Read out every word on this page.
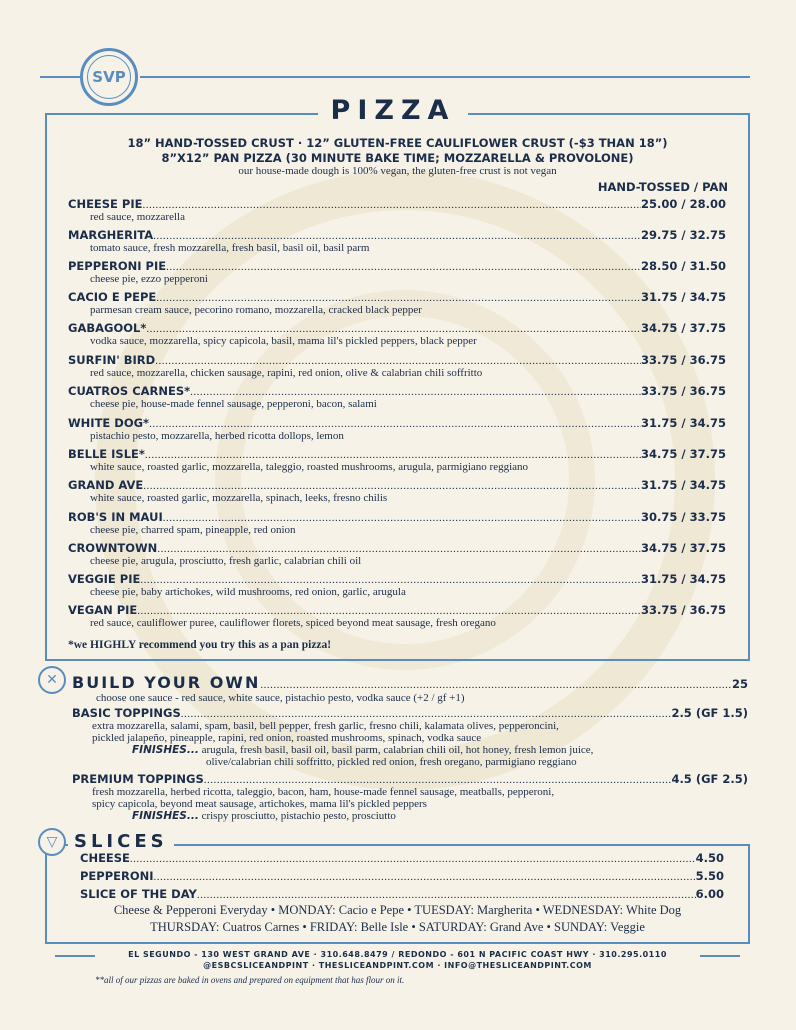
SVP
PIZZA
18” HAND-TOSSED CRUST · 12” GLUTEN-FREE CAULIFLOWER CRUST (-$3 THAN 18”)
8”X12” PAN PIZZA (30 MINUTE BAKE TIME; MOZZARELLA & PROVOLONE)
our house-made dough is 100% vegan, the gluten-free crust is not vegan
HAND-TOSSED / PAN
CHEESE PIE .....	25.00 / 28.00
red sauce, mozzarella
MARGHERITA .....	29.75 / 32.75
tomato sauce, fresh mozzarella, fresh basil, basil oil, basil parm
PEPPERONI PIE .....	28.50 / 31.50
cheese pie, ezzo pepperoni
CACIO E PEPE .....	31.75 / 34.75
parmesan cream sauce, pecorino romano, mozzarella, cracked black pepper
GABAGOOL* .....	34.75 / 37.75
vodka sauce, mozzarella, spicy capicola, basil, mama lil's pickled peppers, black pepper
SURFIN' BIRD .....	33.75 / 36.75
red sauce, mozzarella, chicken sausage, rapini, red onion, olive & calabrian chili soffritto
CUATROS CARNES* .....	33.75 / 36.75
cheese pie, house-made fennel sausage, pepperoni, bacon, salami
WHITE DOG* .....	31.75 / 34.75
pistachio pesto, mozzarella, herbed ricotta dollops, lemon
BELLE ISLE* .....	34.75 / 37.75
white sauce, roasted garlic, mozzarella, taleggio, roasted mushrooms, arugula, parmigiano reggiano
GRAND AVE .....	31.75 / 34.75
white sauce, roasted garlic, mozzarella, spinach, leeks, fresno chilis
ROB'S IN MAUI .....	30.75 / 33.75
cheese pie, charred spam, pineapple, red onion
CROWNTOWN .....	34.75 / 37.75
cheese pie, arugula, prosciutto, fresh garlic, calabrian chili oil
VEGGIE PIE .....	31.75 / 34.75
cheese pie, baby artichokes, wild mushrooms, red onion, garlic, arugula
VEGAN PIE .....	33.75 / 36.75
red sauce, cauliflower puree, cauliflower florets, spiced beyond meat sausage, fresh oregano
*we HIGHLY recommend you try this as a pan pizza!
✕ BUILD YOUR OWN .....	25
choose one sauce - red sauce, white sauce, pistachio pesto, vodka sauce (+2 / gf +1)
BASIC TOPPINGS .....	2.5 (GF 1.5)
extra mozzarella, salami, spam, basil, bell pepper, fresh garlic, fresno chili, kalamata olives, pepperoncini,
pickled jalapeño, pineapple, rapini, red onion, roasted mushrooms, spinach, vodka sauce
FINISHES... arugula, fresh basil, basil oil, basil parm, calabrian chili oil, hot honey, fresh lemon juice,
olive/calabrian chili soffritto, pickled red onion, fresh oregano, parmigiano reggiano
PREMIUM TOPPINGS .....	4.5 (GF 2.5)
fresh mozzarella, herbed ricotta, taleggio, bacon, ham, house-made fennel sausage, meatballs, pepperoni,
spicy capicola, beyond meat sausage, artichokes, mama lil's pickled peppers
FINISHES... crispy prosciutto, pistachio pesto, prosciutto
▽ SLICES
CHEESE .....	4.50
PEPPERONI .....	5.50
SLICE OF THE DAY .....	6.00
Cheese & Pepperoni Everyday • MONDAY: Cacio e Pepe • TUESDAY: Margherita • WEDNESDAY: White Dog
THURSDAY: Cuatros Carnes • FRIDAY: Belle Isle • SATURDAY: Grand Ave • SUNDAY: Veggie
EL SEGUNDO - 130 WEST GRAND AVE · 310.648.8479 / REDONDO - 601 N PACIFIC COAST HWY · 310.295.0110
@ESBCSLICEANDPINT · THESLICEANDPINT.COM · INFO@THESLICEANDPINT.COM
**all of our pizzas are baked in ovens and prepared on equipment that has flour on it.
